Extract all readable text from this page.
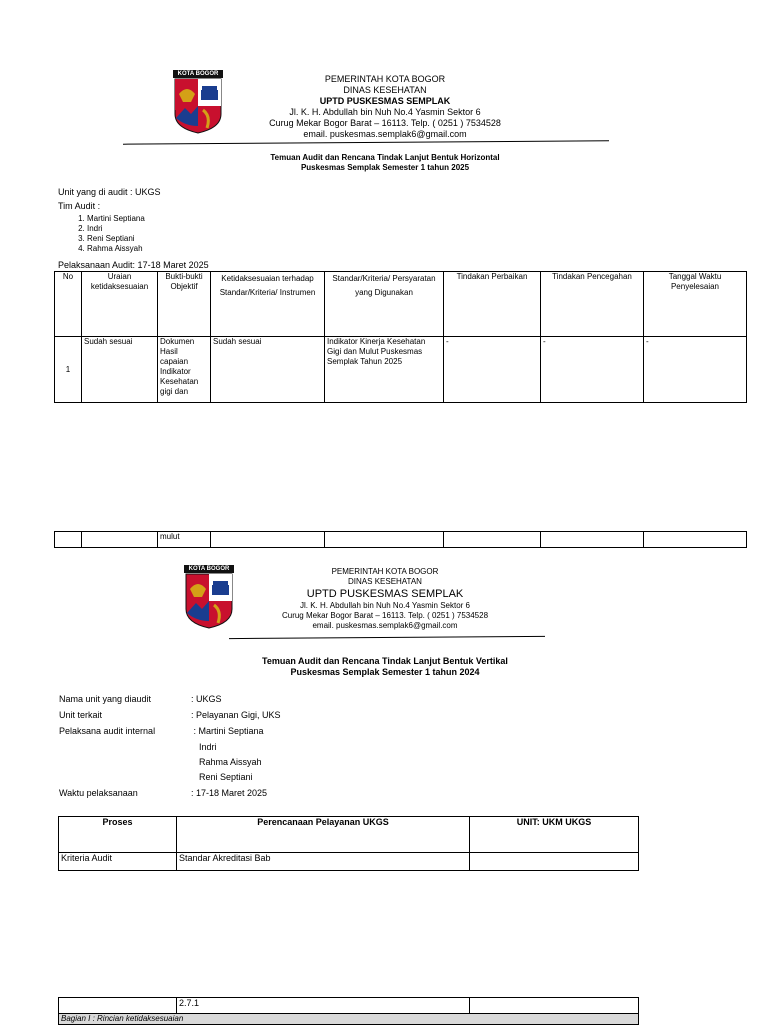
KOTA BOGOR	PEMERINTAH KOTA BOGOR
DINAS KESEHATAN
UPTD PUSKESMAS SEMPLAK
Jl. K. H. Abdullah bin Nuh No.4 Yasmin Sektor 6
Curug Mekar Bogor Barat – 16113. Telp. ( 0251 ) 7534528
email. puskesmas.semplak6@gmail.com
Temuan Audit dan Rencana Tindak Lanjut Bentuk Horizontal
Puskesmas Semplak Semester 1 tahun 2025
Unit yang di audit : UKGS
Tim Audit :
1. Martini Septiana
2. Indri
3. Reni Septiani
4. Rahma Aissyah
Pelaksanaan Audit: 17-18 Maret 2025
No	Uraian ketidaksesuaian	Bukti-bukti Objektif	Ketidaksesuaian terhadap Standar/Kriteria/ Instrumen	Standar/Kriteria/ Persyaratan yang Digunakan	Tindakan Perbaikan	Tindakan Pencegahan	Tanggal Waktu Penyelesaian
1	Sudah sesuai	Dokumen Hasil capaian Indikator Kesehatan gigi dan	Sudah sesuai	Indikator Kinerja Kesehatan Gigi dan Mulut Puskesmas Semplak Tahun 2025	-	-	-
		mulut					
KOTA BOGOR	PEMERINTAH KOTA BOGOR
DINAS KESEHATAN
UPTD PUSKESMAS SEMPLAK
Jl. K. H. Abdullah bin Nuh No.4 Yasmin Sektor 6
Curug Mekar Bogor Barat – 16113. Telp. ( 0251 ) 7534528
email. puskesmas.semplak6@gmail.com
Temuan Audit dan Rencana Tindak Lanjut Bentuk Vertikal
Puskesmas Semplak Semester 1 tahun 2024
Nama unit yang diaudit	: UKGS
Unit terkait	: Pelayanan Gigi, UKS
Pelaksana audit internal	: Martini Septiana
Indri
Rahma Aissyah
Reni Septiani
Waktu pelaksanaan	: 17-18 Maret 2025
Proses	Perencanaan Pelayanan UKGS	UNIT: UKM UKGS
Kriteria Audit	Standar Akreditasi Bab	
	2.7.1	
Bagian I : Rincian ketidaksesuaian
